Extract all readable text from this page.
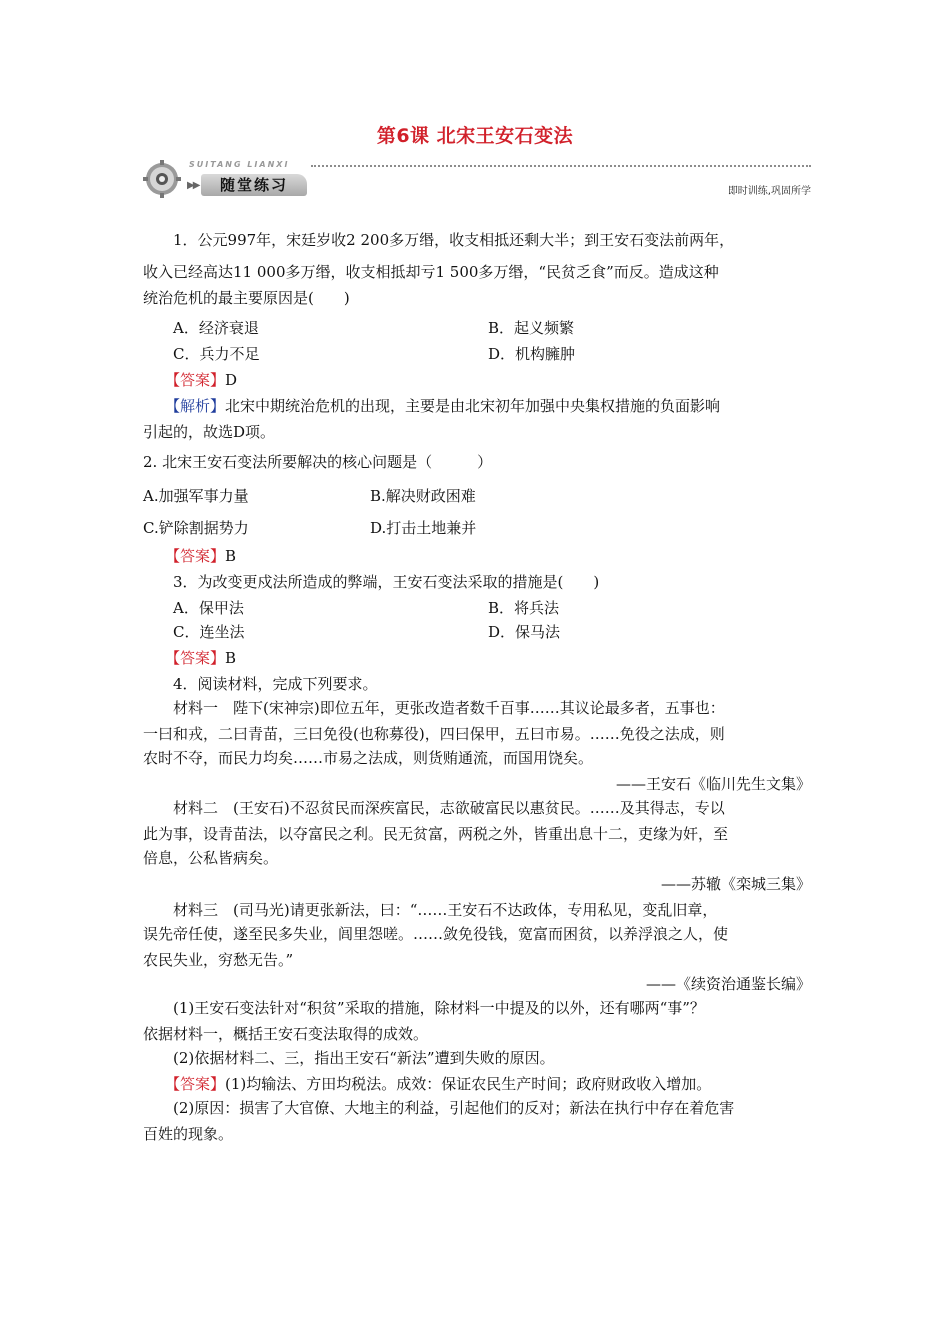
第6课 北宋王安石变法
SUITANG LIANXI
▶▶	随堂练习	即时训练,巩固所学
1．公元997年，宋廷岁收2 200多万缗，收支相抵还剩大半；到王安石变法前两年，
收入已经高达11 000多万缗，收支相抵却亏1 500多万缗，“民贫乏食”而反。造成这种
统治危机的最主要原因是(　　)
A．经济衰退	B．起义频繁
C．兵力不足	D．机构臃肿
【答案】D
【解析】北宋中期统治危机的出现，主要是由北宋初年加强中央集权措施的负面影响
引起的，故选D项。
2. 北宋王安石变法所要解决的核心问题是（　　　）
A.加强军事力量	B.解决财政困难
C.铲除割据势力	D.打击土地兼并
【答案】B
3．为改变更戍法所造成的弊端，王安石变法采取的措施是(　　)
A．保甲法	B．将兵法
C．连坐法	D．保马法
【答案】B
4．阅读材料，完成下列要求。
材料一　陛下(宋神宗)即位五年，更张改造者数千百事……其议论最多者，五事也：
一曰和戎，二曰青苗，三曰免役(也称募役)，四曰保甲，五曰市易。……免役之法成，则
农时不夺，而民力均矣……市易之法成，则货贿通流，而国用饶矣。
——王安石《临川先生文集》
材料二　(王安石)不忍贫民而深疾富民，志欲破富民以惠贫民。……及其得志，专以
此为事，设青苗法，以夺富民之利。民无贫富，两税之外，皆重出息十二，吏缘为奸，至
倍息，公私皆病矣。
——苏辙《栾城三集》
材料三　(司马光)请更张新法，曰：“……王安石不达政体，专用私见，变乱旧章，
误先帝任使，遂至民多失业，闾里怨嗟。……敛免役钱，宽富而困贫，以养浮浪之人，使
农民失业，穷愁无告。”
——《续资治通鉴长编》
(1)王安石变法针对“积贫”采取的措施，除材料一中提及的以外，还有哪两“事”？
依据材料一，概括王安石变法取得的成效。
(2)依据材料二、三，指出王安石“新法”遭到失败的原因。
【答案】(1)均输法、方田均税法。成效：保证农民生产时间；政府财政收入增加。
(2)原因：损害了大官僚、大地主的利益，引起他们的反对；新法在执行中存在着危害
百姓的现象。
